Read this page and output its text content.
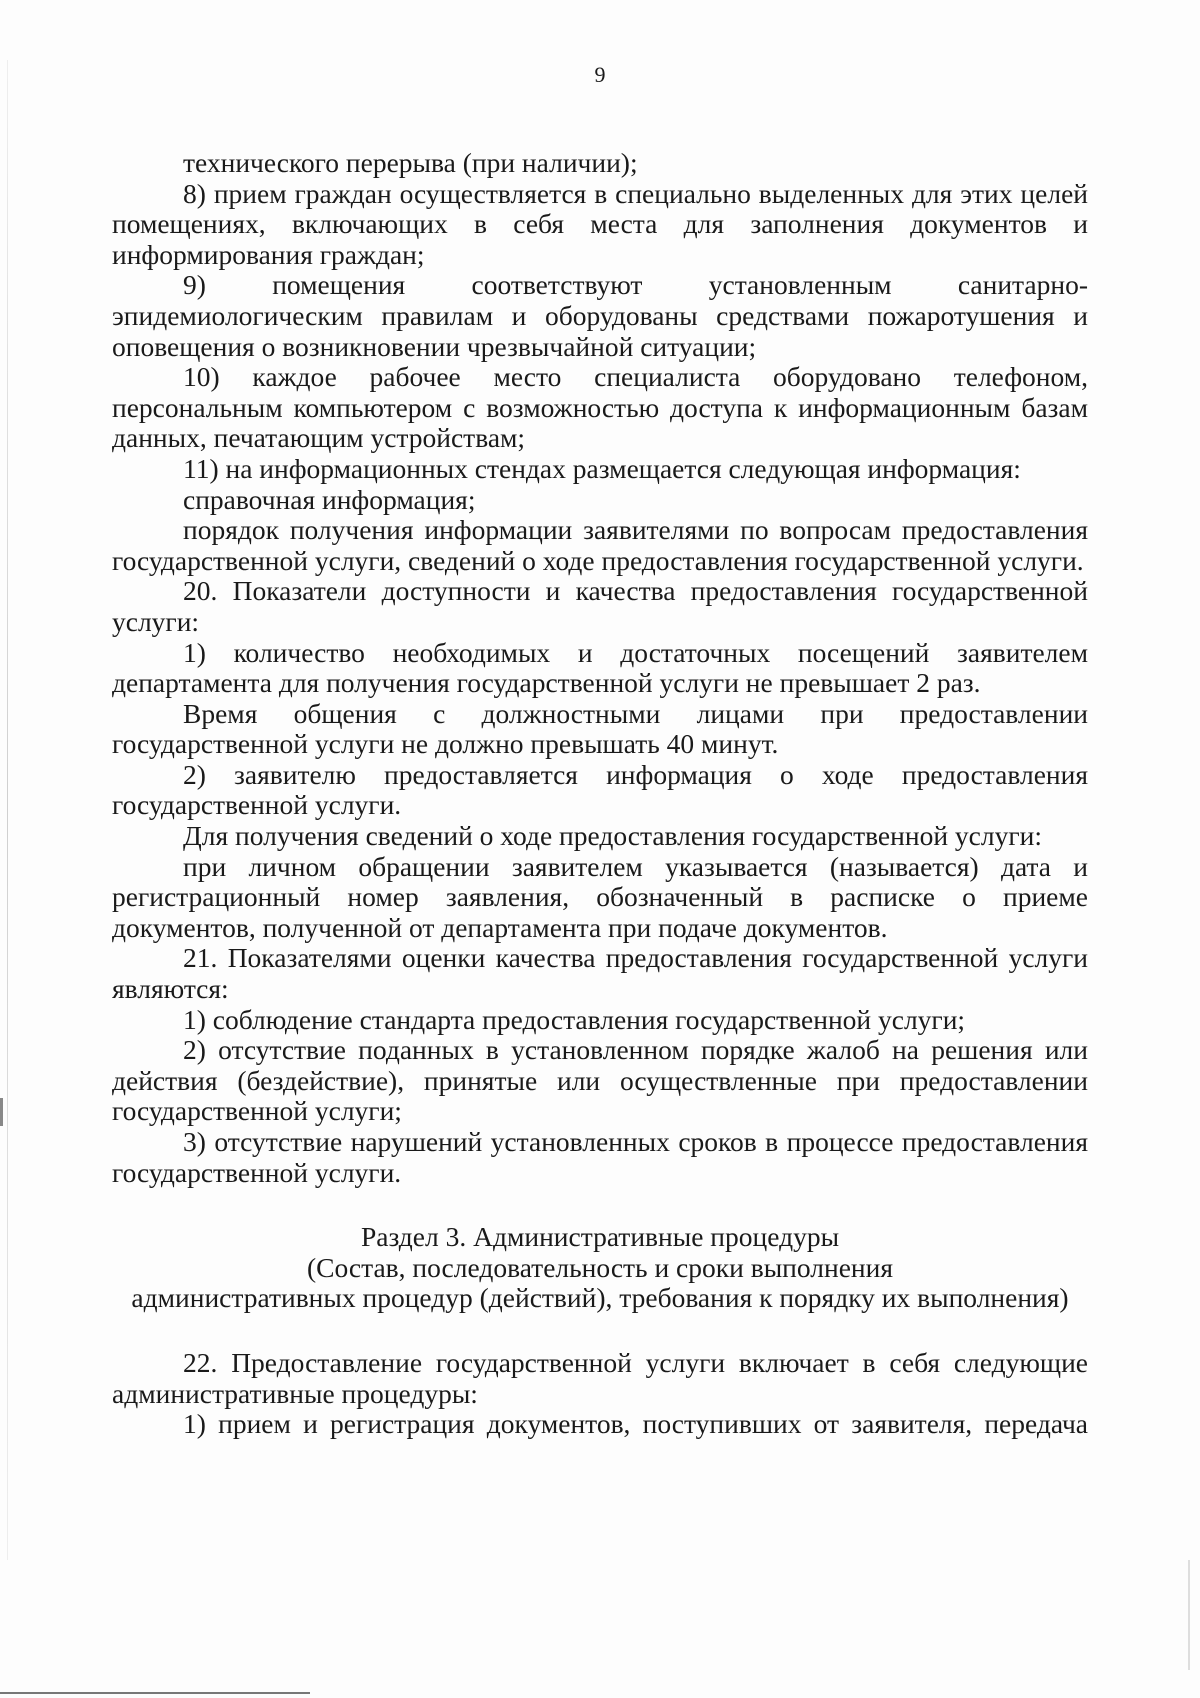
9

технического перерыва (при наличии);

8) прием граждан осуществляется в специально выделенных для этих целей помещениях, включающих в себя места для заполнения документов и информирования граждан;

9) помещения соответствуют установленным санитарно-эпидемиологическим правилам и оборудованы средствами пожаротушения и оповещения о возникновении чрезвычайной ситуации;

10) каждое рабочее место специалиста оборудовано телефоном, персональным компьютером с возможностью доступа к информационным базам данных, печатающим устройствам;

11) на информационных стендах размещается следующая информация:

справочная информация;

порядок получения информации заявителями по вопросам предоставления государственной услуги, сведений о ходе предоставления государственной услуги.

20. Показатели доступности и качества предоставления государственной услуги:

1) количество необходимых и достаточных посещений заявителем департамента для получения государственной услуги не превышает 2 раз.

Время общения с должностными лицами при предоставлении государственной услуги не должно превышать 40 минут.

2) заявителю предоставляется информация о ходе предоставления государственной услуги.

Для получения сведений о ходе предоставления государственной услуги:

при личном обращении заявителем указывается (называется) дата и регистрационный номер заявления, обозначенный в расписке о приеме документов, полученной от департамента при подаче документов.

21. Показателями оценки качества предоставления государственной услуги являются:

1) соблюдение стандарта предоставления государственной услуги;

2) отсутствие поданных в установленном порядке жалоб на решения или действия (бездействие), принятые или осуществленные при предоставлении государственной услуги;

3) отсутствие нарушений установленных сроков в процессе предоставления государственной услуги.

Раздел 3. Административные процедуры

(Состав, последовательность и сроки выполнения

административных процедур (действий), требования к порядку их выполнения)

22. Предоставление государственной услуги включает в себя следующие административные процедуры:

1) прием и регистрация документов, поступивших от заявителя, передача
